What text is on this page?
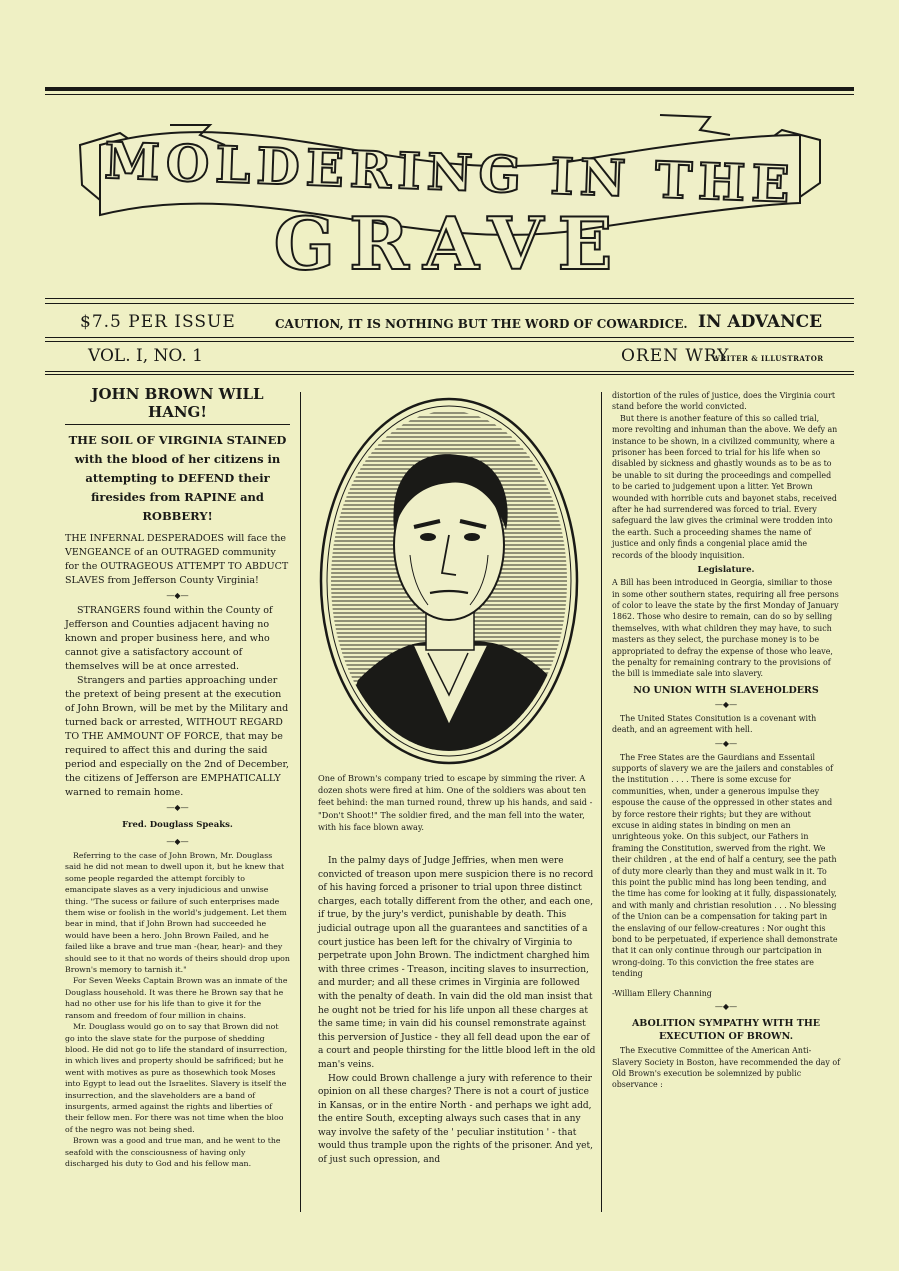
MOLDERING IN THE
GRAVE
$7.5 PER ISSUE	CAUTION, IT IS NOTHING BUT THE WORD OF COWARDICE. IN ADVANCE
VOL. I, NO. 1	OREN WRY
WRITER & ILLUSTRATOR
JOHN BROWN WILL HANG!
THE SOIL OF VIRGINIA STAINED with the blood of her citizens in attempting to DEFEND their firesides from RAPINE and ROBBERY!

THE INFERNAL DESPERADOES will face the VENGEANCE of an OUTRAGED community for the OUTRAGEOUS ATTEMPT TO ABDUCT SLAVES from Jefferson County Virginia!

—◆—

STRANGERS found within the County of Jefferson and Counties adjacent having no known and proper business here, and who cannot give a satisfactory account of themselves will be at once arrested.

Strangers and parties approaching under the pretext of being present at the execution of John Brown, will be met by the Military and turned back or arrested, WITHOUT REGARD TO THE AMMOUNT OF FORCE, that may be required to affect this and during the said period and especially on the 2nd of December, the citizens of Jefferson are EMPHATICALLY warned to remain home.

—◆—
Fred. Douglass Speaks.
—◆—

Referring to the case of John Brown, Mr. Douglass said he did not mean to dwell upon it, but he knew that some people regarded the attempt forcibly to emancipate slaves as a very injudicious and unwise thing. "The sucess or failure of such enterprises made them wise or foolish in the world's judgement. Let them bear in mind, that if John Brown had succeeded he would have been a hero. John Brown Failed, and he failed like a brave and true man -(hear, hear)- and they should see to it that no words of theirs should drop upon Brown's memory to tarnish it."

For Seven Weeks Captain Brown was an inmate of the Douglass household. It was there he Brown say that he had no other use for his life than to give it for the ransom and freedom of four million in chains.

Mr. Douglass would go on to say that Brown did not go into the slave state for the purpose of shedding blood. He did not go to life the standard of insurrection, in which lives and property should be safrificed; but he went with motives as pure as thosewhich took Moses into Egypt to lead out the Israelites. Slavery is itself the insurrection, and the slaveholders are a band of insurgents, armed against the rights and liberties of their fellow men. For there was not time when the bloo of the negro was not being shed.

Brown was a good and true man, and he went to the seafold with the consciousness of having only discharged his duty to God and his fellow man.

One of Brown's company tried to escape by simming the river. A dozen shots were fired at him. One of the soldiers was about ten feet behind: the man turned round, threw up his hands, and said - "Don't Shoot!" The soldier fired, and the man fell into the water, with his face blown away.

In the palmy days of Judge Jeffries, when men were convicted of treason upon mere suspicion there is no record of his having forced a prisoner to trial upon three distinct charges, each totally different from the other, and each one, if true, by the jury's verdict, punishable by death. This judicial outrage upon all the guarantees and sanctities of a court justice has been left for the chivalry of Virginia to perpetrate upon John Brown. The indictment charghed him with three crimes - Treason, inciting slaves to insurrection, and murder; and all these crimes in Virginia are followed with the penalty of death. In vain did the old man insist that he ought not be tried for his life unpon all these charges at the same time; in vain did his counsel remonstrate against this perversion of Justice - they all fell dead upon the ear of a court and people thirsting for the little blood left in the old man's veins.

How could Brown challenge a jury with reference to their opinion on all these charges? There is not a court of justice in Kansas, or in the entire North - and perhaps we ight add, the entire South, excepting always such cases that in any way involve the safety of the ' peculiar institution ' - that would thus trample upon the rights of the prisoner. And yet, of just such opression, and

distortion of the rules of justice, does the Virginia court stand before the world convicted.

But there is another feature of this so called trial, more revolting and inhuman than the above. We defy an instance to be shown, in a civilized community, where a prisoner has been forced to trial for his life when so disabled by sickness and ghastly wounds as to be as to be unable to sit during the proceedings and compelled to be caried to judgement upon a litter. Yet Brown wounded with horrible cuts and bayonet stabs, received after he had surrendered was forced to trial. Every safeguard the law gives the criminal were trodden into the earth. Such a proceeding shames the name of justice and only finds a congenial place amid the records of the bloody inquisition.

Legislature.

A Bill has been introduced in Georgia, similiar to those in some other southern states, requiring all free persons of color to leave the state by the first Monday of January 1862. Those who desire to remain, can do so by selling themselves, with what children they may have, to such masters as they select, the purchase money is to be appropriated to defray the expense of those who leave, the penalty for remaining contrary to the provisions of the bill is immediate sale into slavery.

NO UNION WITH SLAVEHOLDERS
—◆—

The United States Consitution is a covenant with death, and an agreement with hell.

—◆—

The Free States are the Gaurdians and Essentail supports of slavery we are the jailers and constables of the institution . . . . There is some excuse for communities, when, under a generous impulse they espouse the cause of the oppressed in other states and by force restore their rights; but they are without excuse in aiding states in binding on men an unrighteous yoke. On this subject, our Fathers in framing the Constitution, swerved from the right. We their children , at the end of half a century, see the path of duty more clearly than they and must walk in it. To this point the public mind has long been tending, and the time has come for looking at it fully, dispassionately, and with manly and christian resolution . . . No blessing of the Union can be a compensation for taking part in the enslaving of our fellow-creatures : Nor ought this bond to be perpetuated, if experience shall demonstrate that it can only continue through our partcipation in wrong-doing. To this conviction the free states are tending

-William Ellery Channing

—◆—
ABOLITION SYMPATHY WITH THE EXECUTION OF BROWN.

The Executive Committee of the American Anti-Slavery Society in Boston, have recommended the day of Old Brown's execution be solemnized by public observance :
